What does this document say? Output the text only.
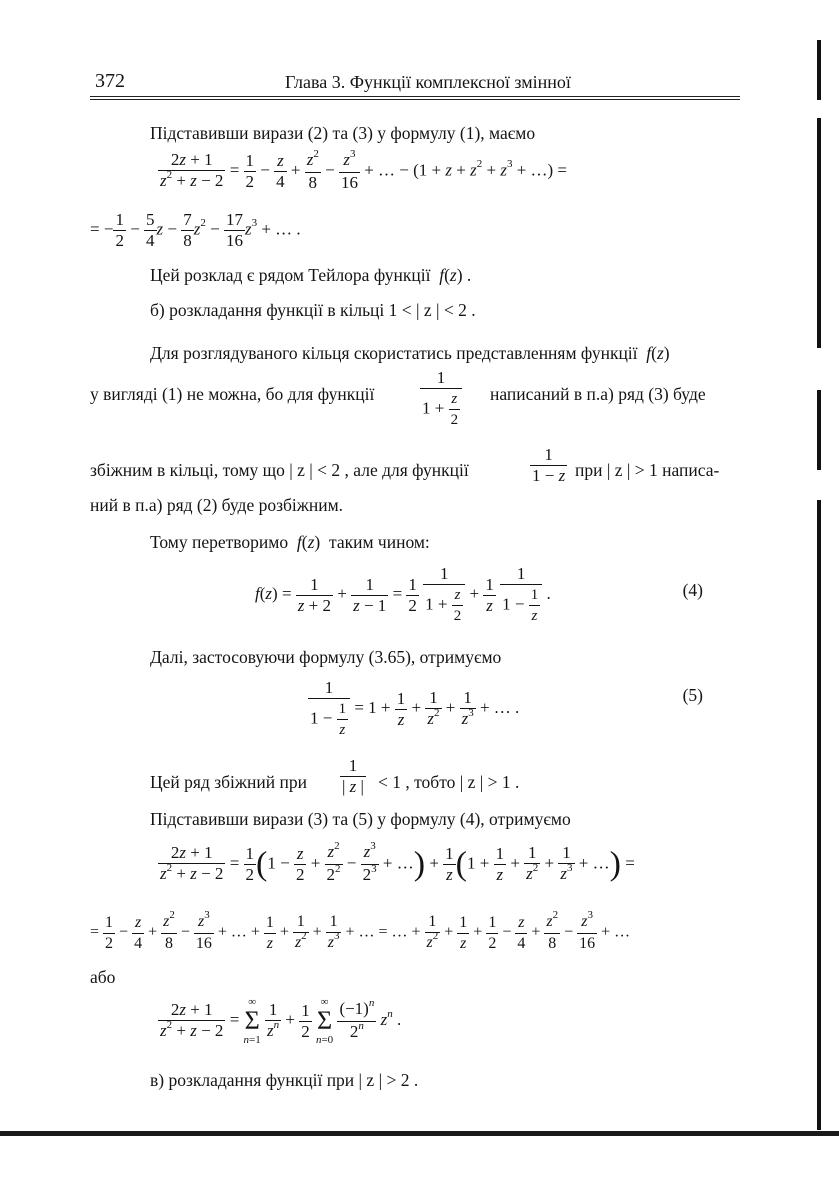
372	Глава 3. Функції комплексної змінної
Підставивши вирази (2) та (3) у формулу (1), маємо
$\frac{2z + 1}{z^2 + z - 2} = \frac{1}{2} - \frac{z}{4} + \frac{z^2}{8} - \frac{z^3}{16}$ + … − ($1 + z + z^2 + z^3$ + …) =
= − $\frac{1}{2} - \frac{5}{4}$ $z - \frac{7}{8} z^2 - \frac{17}{16} z^3$ + … .
Цей розклад є рядом Тейлора функції  f(z) .
б) розкладання функції в кільці 1 < | z | < 2 .
Для розглядуваного кільця скористатись представленням функції  f(z)
у вигляді (1) не можна, бо для функції	$\frac{1}{1 + \frac{z}{2}}$ написаний в п.а) ряд (3) буде
збіжним в кільці, тому що | z | < 2 , але для функції	$\frac{1}{1 - z}$ при | z | > 1 написа-
ний в п.а) ряд (2) буде розбіжним.
Тому перетворимо  f(z)  таким чином:
$f(z) = \frac{1}{z + 2} + \frac{1}{z - 1} = \frac{1}{2}$
$\frac{1}{1 + \frac{z}{2}} + \frac{1}{z}$
$\frac{1}{1 - \frac{1}{z}}$ .	(4)
Далі, застосовуючи формулу (3.65), отримуємо
$\frac{1}{1 - \frac{1}{z}} = 1 + \frac{1}{z} + \frac{1}{z^2} + \frac{1}{z^3}$ + … .
(5)
Цей ряд збіжний при $\frac{1}{| z |} < 1$ , тобто | z | > 1 .
Підставивши вирази (3) та (5) у формулу (4), отримуємо
$\frac{2z + 1}{z^2 + z - 2} = \frac{1}{2} (1 - \frac{z}{2} + \frac{z^2}{2^2} - \frac{z^3}{2^3}$ + …) + $\frac{1}{z} (1 + \frac{1}{z} + \frac{1}{z^2} + \frac{1}{z^3}$ + …) =
= $\frac{1}{2} - \frac{z}{4} + \frac{z^2}{8} - \frac{z^3}{16}$ + … + $\frac{1}{z} + \frac{1}{z^2} + \frac{1}{z^3}$ + … = … + $\frac{1}{z^2} + \frac{1}{z} + \frac{1}{2} - \frac{z}{4} + \frac{z^2}{8} - \frac{z^3}{16}$ + …
або
$\frac{2z + 1}{z^2 + z - 2}$ =
∞
Σ
n=1
$\frac{1}{z^n} + \frac{1}{2}$
∞
Σ
n=0
$\frac{(-1)^n}{2^n} z^n$ .
в) розкладання функції при | z | > 2 .
